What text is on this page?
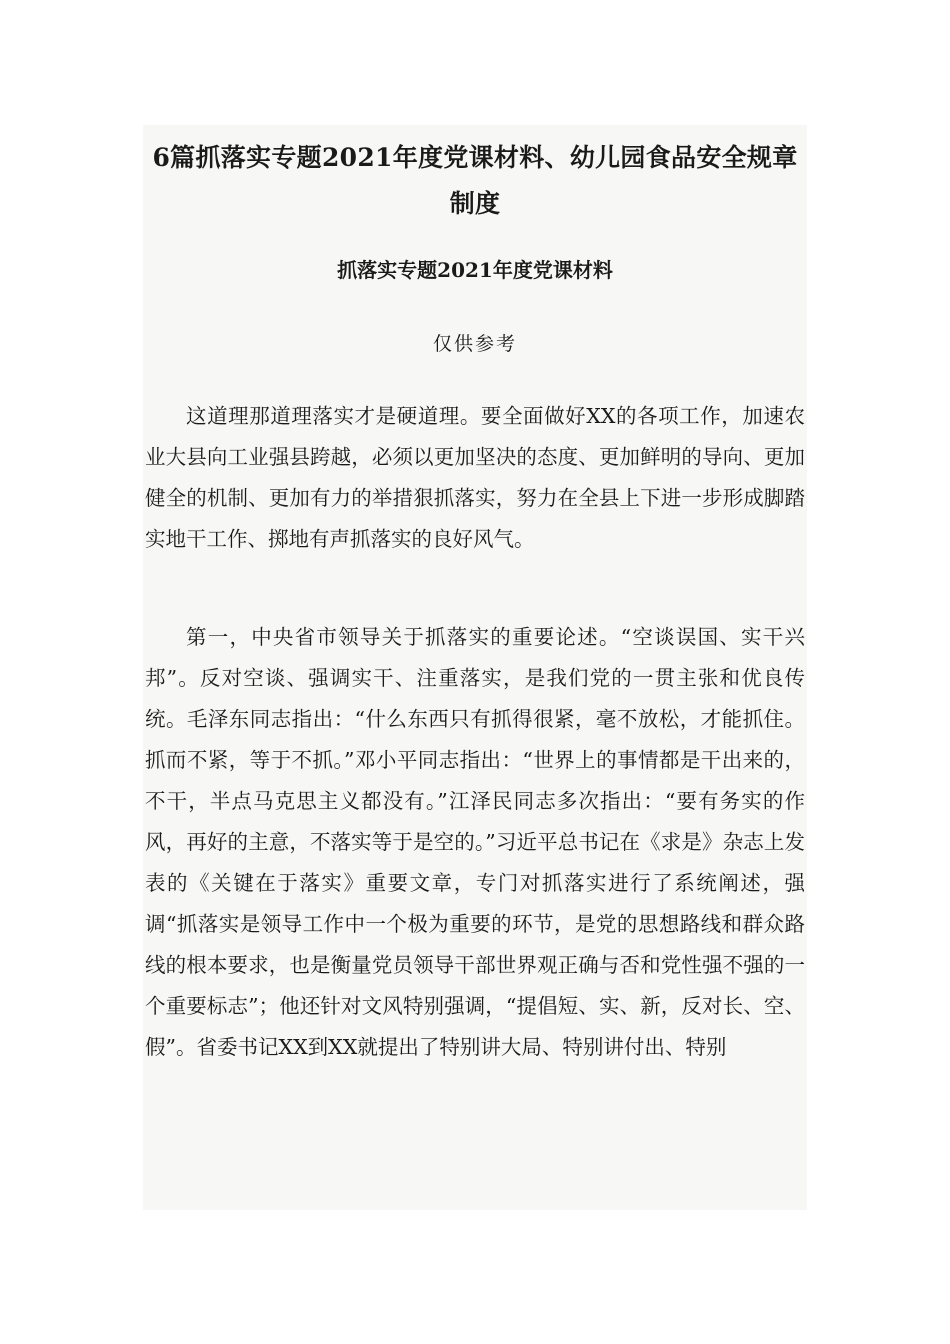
6篇抓落实专题2021年度党课材料、幼儿园食品安全规章
制度
抓落实专题2021年度党课材料

仅供参考

这道理那道理落实才是硬道理。要全面做好XX的各项工作，加速农业大县向工业强县跨越，必须以更加坚决的态度、更加鲜明的导向、更加健全的机制、更加有力的举措狠抓落实，努力在全县上下进一步形成脚踏实地干工作、掷地有声抓落实的良好风气。

第一，中央省市领导关于抓落实的重要论述。“空谈误国、实干兴邦”。反对空谈、强调实干、注重落实，是我们党的一贯主张和优良传统。毛泽东同志指出：“什么东西只有抓得很紧，毫不放松，才能抓住。抓而不紧，等于不抓。”邓小平同志指出：“世界上的事情都是干出来的，不干，半点马克思主义都没有。”江泽民同志多次指出：“要有务实的作风，再好的主意，不落实等于是空的。”习近平总书记在《求是》杂志上发表的《关键在于落实》重要文章，专门对抓落实进行了系统阐述，强调“抓落实是领导工作中一个极为重要的环节，是党的思想路线和群众路线的根本要求，也是衡量党员领导干部世界观正确与否和党性强不强的一个重要标志”；他还针对文风特别强调，“提倡短、实、新，反对长、空、假”。省委书记XX到XX就提出了特别讲大局、特别讲付出、特别
